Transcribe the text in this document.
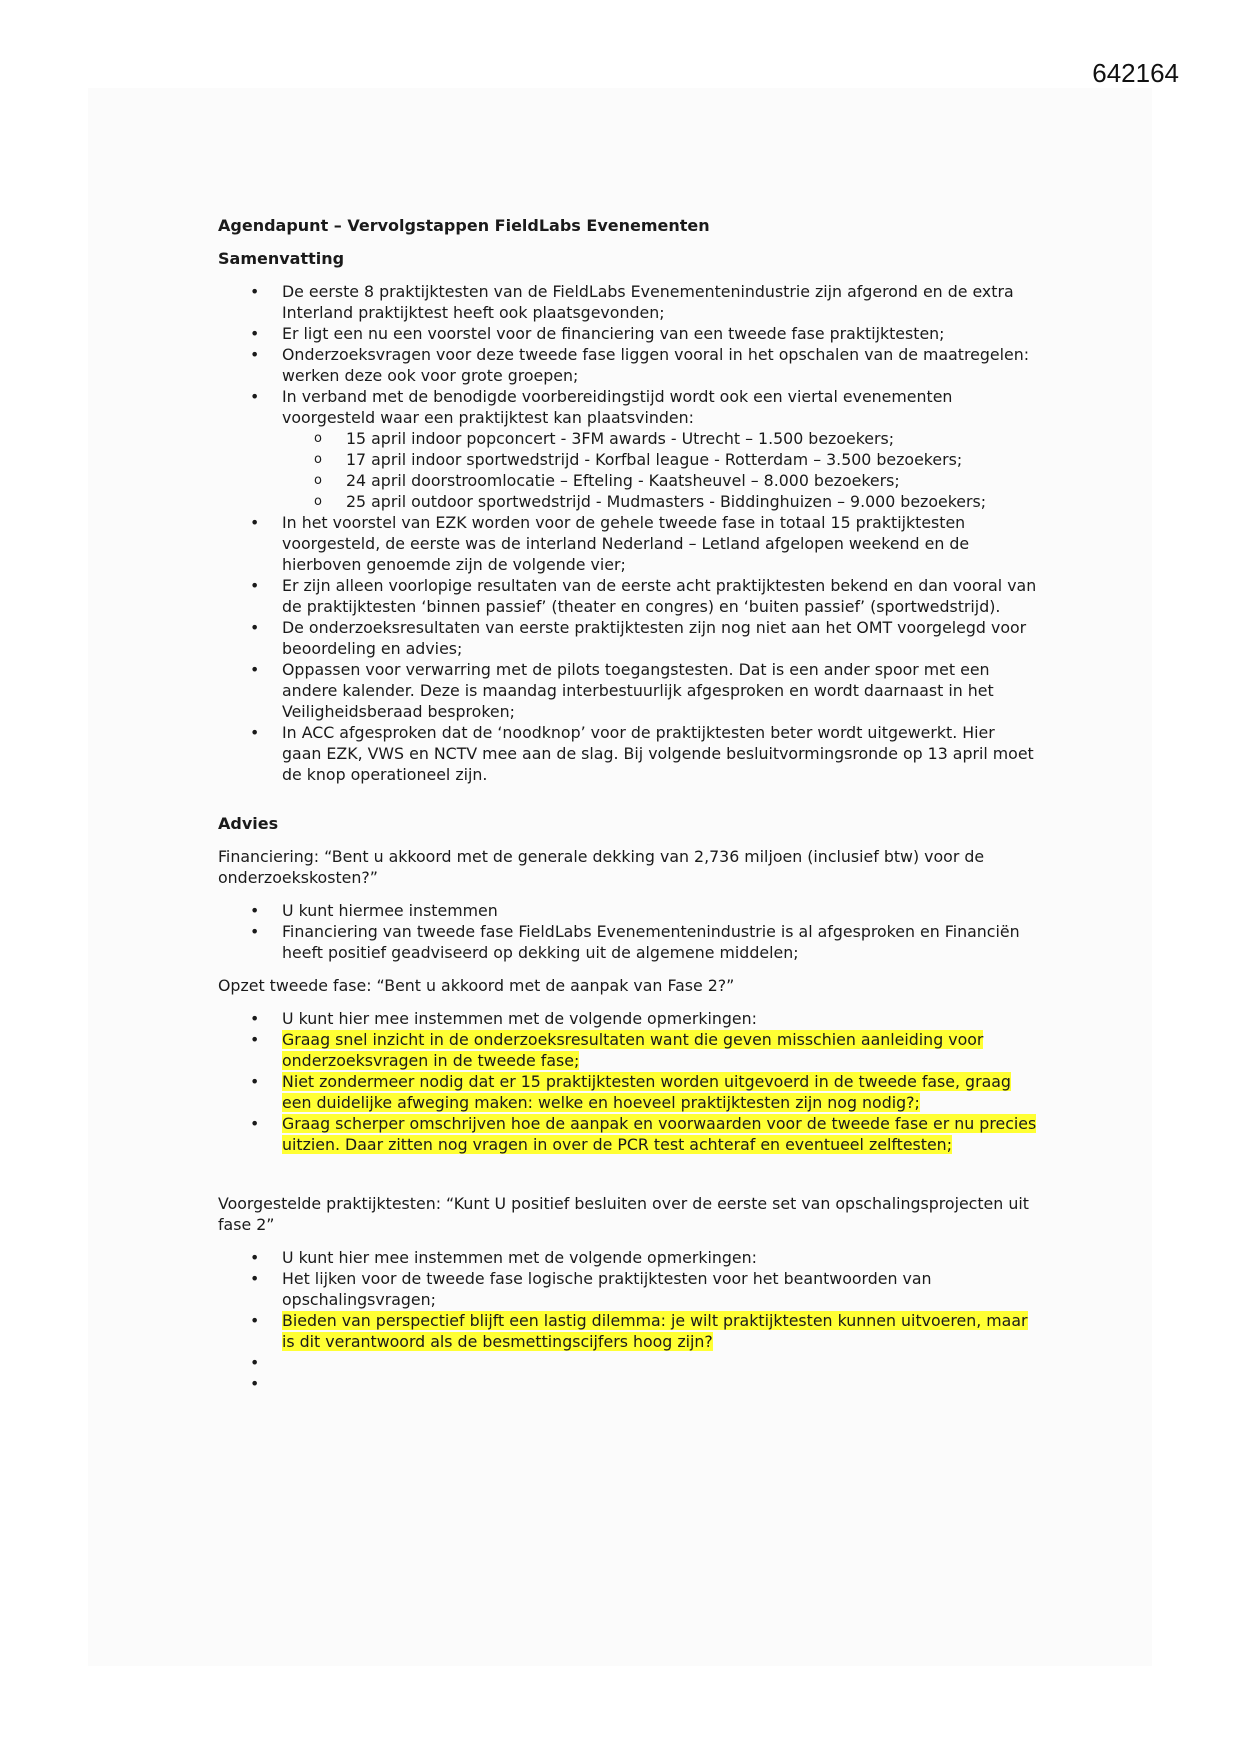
642164
Agendapunt – Vervolgstappen FieldLabs Evenementen
Samenvatting
• De eerste 8 praktijktesten van de FieldLabs Evenementenindustrie zijn afgerond en de extra Interland praktijktest heeft ook plaatsgevonden;
• Er ligt een nu een voorstel voor de financiering van een tweede fase praktijktesten;
• Onderzoeksvragen voor deze tweede fase liggen vooral in het opschalen van de maatregelen: werken deze ook voor grote groepen;
• In verband met de benodigde voorbereidingstijd wordt ook een viertal evenementen voorgesteld waar een praktijktest kan plaatsvinden:
o 15 april indoor popconcert - 3FM awards - Utrecht – 1.500 bezoekers;
o 17 april indoor sportwedstrijd - Korfbal league - Rotterdam – 3.500 bezoekers;
o 24 april doorstroomlocatie – Efteling - Kaatsheuvel – 8.000 bezoekers;
o 25 april outdoor sportwedstrijd - Mudmasters - Biddinghuizen – 9.000 bezoekers;
• In het voorstel van EZK worden voor de gehele tweede fase in totaal 15 praktijktesten voorgesteld, de eerste was de interland Nederland – Letland afgelopen weekend en de hierboven genoemde zijn de volgende vier;
• Er zijn alleen voorlopige resultaten van de eerste acht praktijktesten bekend en dan vooral van de praktijktesten ‘binnen passief’ (theater en congres) en ‘buiten passief’ (sportwedstrijd).
• De onderzoeksresultaten van eerste praktijktesten zijn nog niet aan het OMT voorgelegd voor beoordeling en advies;
• Oppassen voor verwarring met de pilots toegangstesten. Dat is een ander spoor met een andere kalender. Deze is maandag interbestuurlijk afgesproken en wordt daarnaast in het Veiligheidsberaad besproken;
• In ACC afgesproken dat de ‘noodknop’ voor de praktijktesten beter wordt uitgewerkt. Hier gaan EZK, VWS en NCTV mee aan de slag. Bij volgende besluitvormingsronde op 13 april moet de knop operationeel zijn.
Advies

Financiering: “Bent u akkoord met de generale dekking van 2,736 miljoen (inclusief btw) voor de onderzoekskosten?”

• U kunt hiermee instemmen
• Financiering van tweede fase FieldLabs Evenementenindustrie is al afgesproken en Financiën heeft positief geadviseerd op dekking uit de algemene middelen;

Opzet tweede fase: “Bent u akkoord met de aanpak van Fase 2?”

• U kunt hier mee instemmen met de volgende opmerkingen:
• Graag snel inzicht in de onderzoeksresultaten want die geven misschien aanleiding voor onderzoeksvragen in de tweede fase;
• Niet zondermeer nodig dat er 15 praktijktesten worden uitgevoerd in de tweede fase, graag een duidelijke afweging maken: welke en hoeveel praktijktesten zijn nog nodig?;
• Graag scherper omschrijven hoe de aanpak en voorwaarden voor de tweede fase er nu precies uitzien. Daar zitten nog vragen in over de PCR test achteraf en eventueel zelftesten;

Voorgestelde praktijktesten: “Kunt U positief besluiten over de eerste set van opschalingsprojecten uit fase 2”

• U kunt hier mee instemmen met de volgende opmerkingen:
• Het lijken voor de tweede fase logische praktijktesten voor het beantwoorden van opschalingsvragen;
• Bieden van perspectief blijft een lastig dilemma: je wilt praktijktesten kunnen uitvoeren, maar is dit verantwoord als de besmettingscijfers hoog zijn?
•
•
